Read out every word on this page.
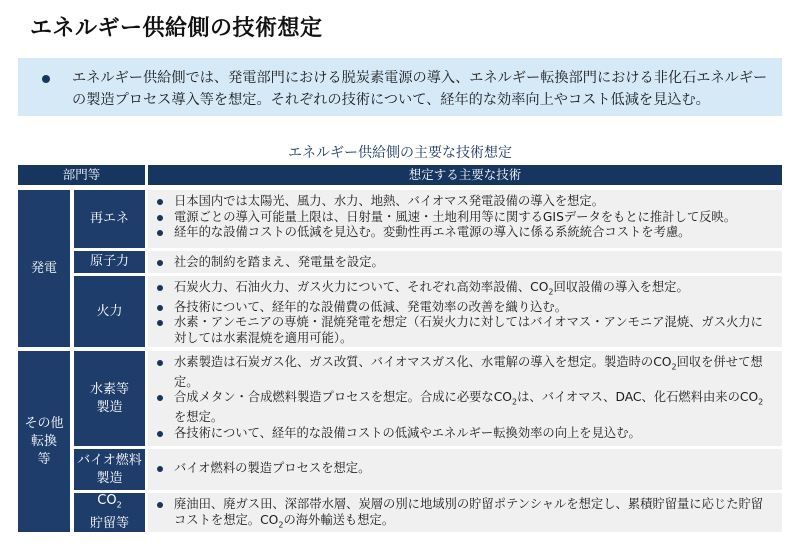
エネルギー供給側の技術想定
エネルギー供給側では、発電部門における脱炭素電源の導入、エネルギー転換部門における非化石エネルギーの製造プロセス導入等を想定。それぞれの技術について、経年的な効率向上やコスト低減を見込む。
エネルギー供給側の主要な技術想定
部門等	想定する主要な技術
発電
その他
転換
等
再エネ
原子力
火力
水素等
製造
バイオ燃料
製造
$CO_2$
貯留等
日本国内では太陽光、風力、水力、地熱、バイオマス発電設備の導入を想定。
電源ごとの導入可能量上限は、日射量・風速・土地利用等に関するGISデータをもとに推計して反映。
経年的な設備コストの低減を見込む。変動性再エネ電源の導入に係る系統統合コストを考慮。
社会的制約を踏まえ、発電量を設定。
石炭火力、石油火力、ガス火力について、それぞれ高効率設備、$CO_2$回収設備の導入を想定。
各技術について、経年的な設備費の低減、発電効率の改善を織り込む。
水素・アンモニアの専焼・混焼発電を想定（石炭火力に対してはバイオマス・アンモニア混焼、ガス火力に対しては水素混焼を適用可能）。
水素製造は石炭ガス化、ガス改質、バイオマスガス化、水電解の導入を想定。製造時の$CO_2$回収を併せて想定。
合成メタン・合成燃料製造プロセスを想定。合成に必要な$CO_2$は、バイオマス、DAC、化石燃料由来の$CO_2$を想定。
各技術について、経年的な設備コストの低減やエネルギー転換効率の向上を見込む。
バイオ燃料の製造プロセスを想定。
廃油田、廃ガス田、深部帯水層、炭層の別に地域別の貯留ポテンシャルを想定し、累積貯留量に応じた貯留コストを想定。$CO_2$の海外輸送も想定。
